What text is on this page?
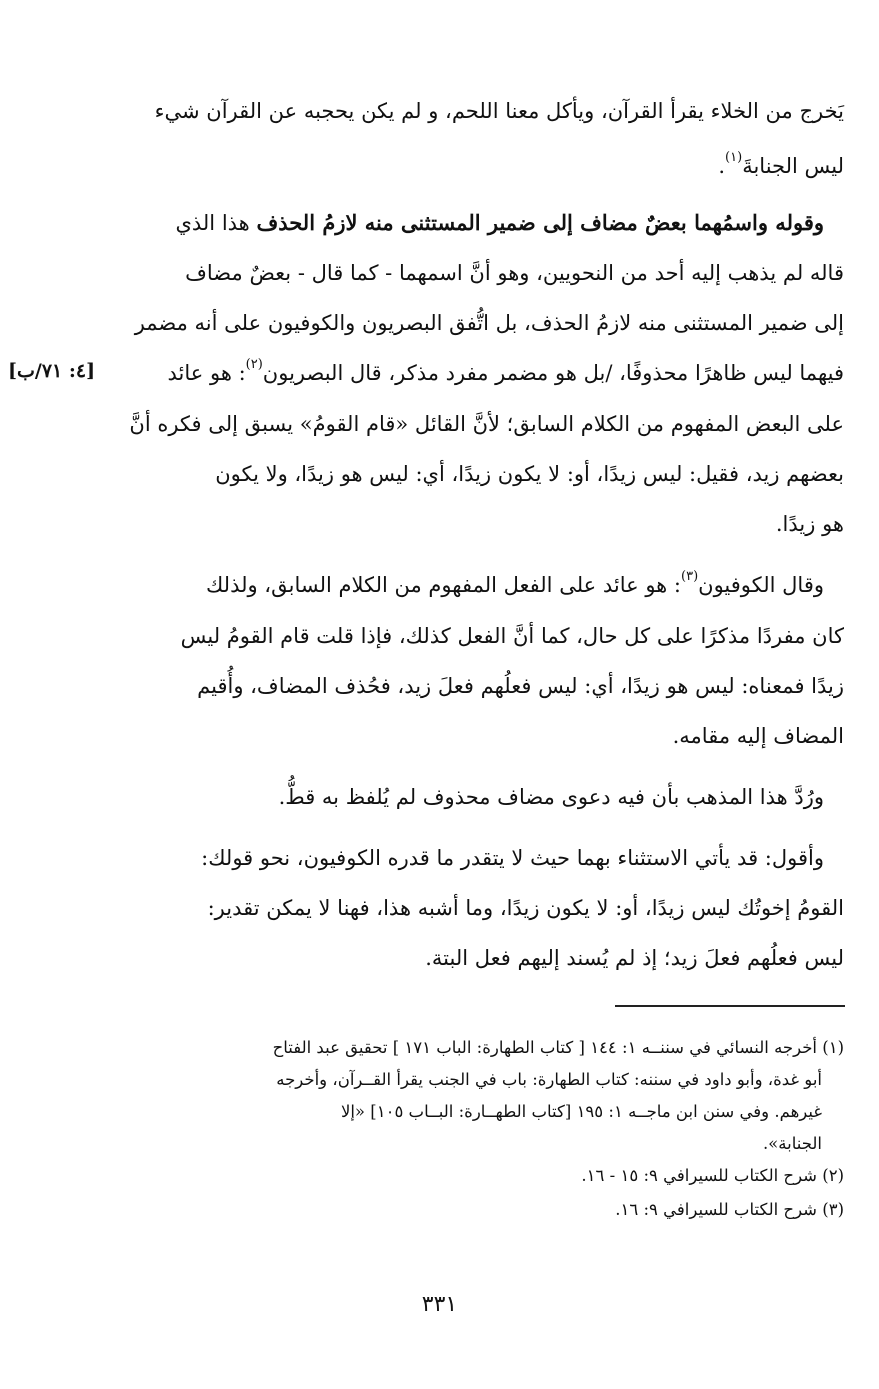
يَخرج من الخلاء يقرأ القرآن، ويأكل معنا اللحم، و لم يكن يحجبه عن القرآن شيء
ليس الجنابةَ$^{(١)}$.
وقوله واسمُهما بعضٌ مضاف إلى ضمير المستثنى منه لازمُ الحذف هذا الذي
قاله لم يذهب إليه أحد من النحويين، وهو أنَّ اسمهما - كما قال - بعضٌ مضاف
إلى ضمير المستثنى منه لازمُ الحذف، بل اتُّفق البصريون والكوفيون على أنه مضمر
فيهما ليس ظاهرًا محذوفًا، /بل هو مضمر مفرد مذكر، قال البصريون$^{(٢)}$: هو عائد
على البعض المفهوم من الكلام السابق؛ لأنَّ القائل «قام القومُ» يسبق إلى فكره أنَّ
بعضهم زيد، فقيل: ليس زيدًا، أو: لا يكون زيدًا، أي: ليس هو زيدًا، ولا يكون
هو زيدًا.
وقال الكوفيون$^{(٣)}$: هو عائد على الفعل المفهوم من الكلام السابق، ولذلك
كان مفردًا مذكرًا على كل حال، كما أنَّ الفعل كذلك، فإذا قلت قام القومُ ليس
زيدًا فمعناه: ليس هو زيدًا، أي: ليس فعلُهم فعلَ زيد، فحُذف المضاف، وأُقيم
المضاف إليه مقامه.
ورُدَّ هذا المذهب بأن فيه دعوى مضاف محذوف لم يُلفظ به قطُّ.
وأقول: قد يأتي الاستثناء بهما حيث لا يتقدر ما قدره الكوفيون، نحو قولك:
القومُ إخوتُك ليس زيدًا، أو: لا يكون زيدًا، وما أشبه هذا، فهنا لا يمكن تقدير:
ليس فعلُهم فعلَ زيد؛ إذ لم يُسند إليهم فعل البتة.
[٤: ٧١/ب]
(١) أخرجه النسائي في سننــه ١: ١٤٤ [ كتاب الطهارة: الباب ١٧١ ] تحقيق عبد الفتاح
أبو غدة، وأبو داود في سننه: كتاب الطهارة: باب في الجنب يقرأ القــرآن، وأخرجه
غيرهم. وفي سنن ابن ماجــه ١: ١٩٥ [كتاب الطهــارة: البــاب ١٠٥] «إلا
الجنابة».
(٢) شرح الكتاب للسيرافي ٩: ١٥ - ١٦.
(٣) شرح الكتاب للسيرافي ٩: ١٦.
٣٣١
